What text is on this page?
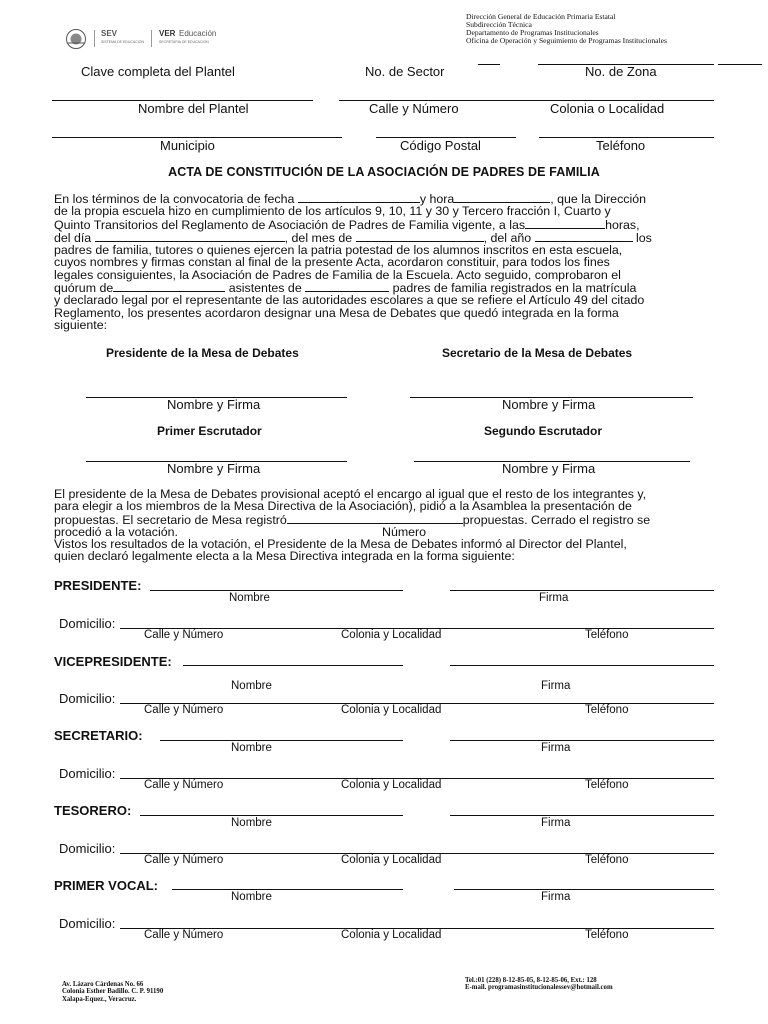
SEV
SISTEMA DE EDUCACION
VER Educación
SECRETARIA DE EDUCACION
Dirección General de Educación Primaria Estatal
Subdirección Técnica
Departamento de Programas Institucionales
Oficina de Operación y Seguimiento de Programas Institucionales
Clave completa del Plantel	No. de Sector	No. de Zona
Nombre del Plantel	Calle y Número	Colonia o Localidad
Municipio	Código Postal	Teléfono
ACTA DE CONSTITUCIÓN DE LA ASOCIACIÓN DE PADRES DE FAMILIA
En los términos de la convocatoria de fecha	y hora	, que la Dirección
de la propia escuela hizo en cumplimiento de los artículos 9, 10, 11 y 30 y Tercero fracción I, Cuarto y
Quinto Transitorios del Reglamento de Asociación de Padres de Familia vigente, a las	horas,
del día	, del mes de	, del año	los
padres de familia, tutores o quienes ejercen la patria potestad de los alumnos inscritos en esta escuela,
cuyos nombres y firmas constan al final de la presente Acta, acordaron constituir, para todos los fines
legales consiguientes, la Asociación de Padres de Familia de la Escuela. Acto seguido, comprobaron el
quórum de	asistentes de	padres de familia registrados en la matrícula
y declarado legal por el representante de las autoridades escolares a que se refiere el Artículo 49 del citado
Reglamento, los presentes acordaron designar una Mesa de Debates que quedó integrada en la forma
siguiente:
Presidente de la Mesa de Debates	Secretario de la Mesa de Debates
Nombre y Firma	Nombre y Firma
Primer Escrutador	Segundo Escrutador
Nombre y Firma	Nombre y Firma
El presidente de la Mesa de Debates provisional aceptó el encargo al igual que el resto de los integrantes y,
para elegir a los miembros de la Mesa Directiva de la Asociación), pidió a la Asamblea la presentación de
propuestas. El secretario de Mesa registró	propuestas. Cerrado el registro se
procedió a la votación.	Número
Vistos los resultados de la votación, el Presidente de la Mesa de Debates informó al Director del Plantel,
quien declaró legalmente electa a la Mesa Directiva integrada en la forma siguiente:
PRESIDENTE:
Nombre	Firma
Domicilio:
Calle y Número	Colonia y Localidad	Teléfono
VICEPRESIDENTE:
Nombre	Firma
Domicilio:
Calle y Número	Colonia y Localidad	Teléfono
SECRETARIO:
Nombre	Firma
Domicilio:
Calle y Número	Colonia y Localidad	Teléfono
TESORERO:
Nombre	Firma
Domicilio:
Calle y Número	Colonia y Localidad	Teléfono
PRIMER VOCAL:
Nombre	Firma
Domicilio:
Calle y Número	Colonia y Localidad	Teléfono
Av. Lázaro Cárdenas No. 66
Colonia Esther Badillo. C. P. 91190
Xalapa-Equez., Veracruz.
Tel.:01 (228) 8-12-85-05, 8-12-85-06, Ext.: 128
E-mail. programasinstitucionalessev@hotmail.com
